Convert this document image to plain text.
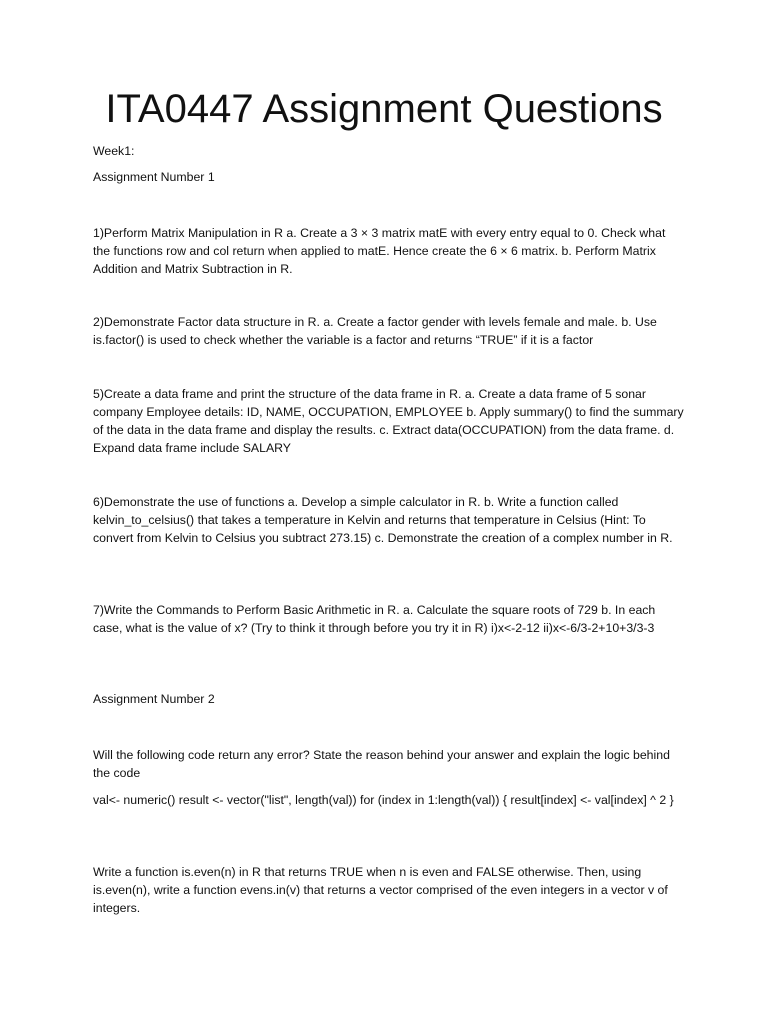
ITA0447 Assignment Questions
Week1:
Assignment Number 1
1)Perform Matrix Manipulation in R a. Create a 3 × 3 matrix matE with every entry equal to 0. Check what the functions row and col return when applied to matE. Hence create the 6 × 6 matrix. b. Perform Matrix Addition and Matrix Subtraction in R.
2)Demonstrate Factor data structure in R. a. Create a factor gender with levels female and male. b. Use is.factor() is used to check whether the variable is a factor and returns “TRUE” if it is a factor
5)Create a data frame and print the structure of the data frame in R. a. Create a data frame of 5 sonar company Employee details: ID, NAME, OCCUPATION, EMPLOYEE b. Apply summary() to find the summary of the data in the data frame and display the results. c. Extract data(OCCUPATION) from the data frame. d. Expand data frame include SALARY
6)Demonstrate the use of functions a. Develop a simple calculator in R. b. Write a function called kelvin_to_celsius() that takes a temperature in Kelvin and returns that temperature in Celsius (Hint: To convert from Kelvin to Celsius you subtract 273.15) c. Demonstrate the creation of a complex number in R.
7)Write the Commands to Perform Basic Arithmetic in R. a. Calculate the square roots of 729 b. In each case, what is the value of x? (Try to think it through before you try it in R) i)x<-2-12 ii)x<-6/3-2+10+3/3-3
Assignment Number 2
Will the following code return any error? State the reason behind your answer and explain the logic behind the code
val<- numeric() result <- vector("list", length(val)) for (index in 1:length(val)) { result[index] <- val[index] ^ 2 }
Write a function is.even(n) in R that returns TRUE when n is even and FALSE otherwise. Then, using is.even(n), write a function evens.in(v) that returns a vector comprised of the even integers in a vector v of integers.
